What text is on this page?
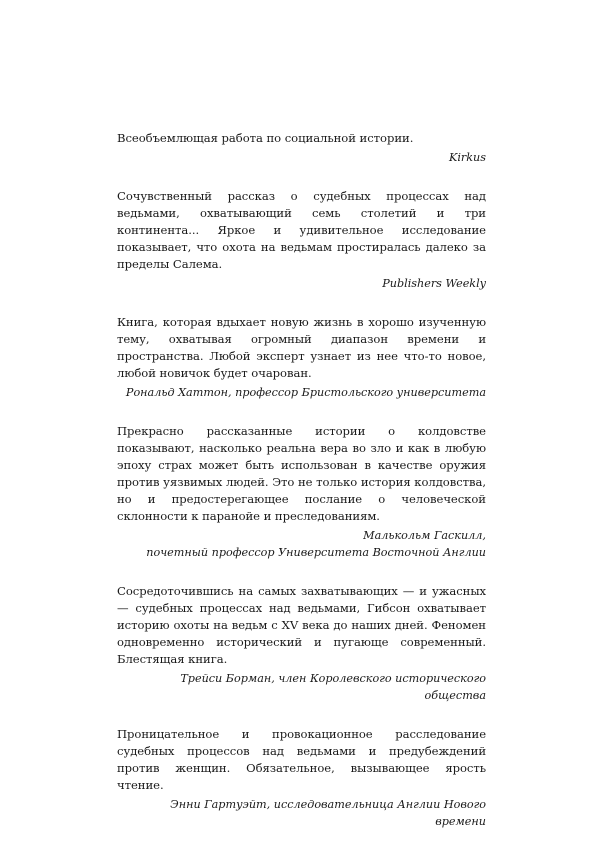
Всеобъемлющая работа по социальной истории.

Kirkus

Сочувственный рассказ о судебных процессах над ведьмами, охватывающий семь столетий и три континента... Яркое и удивительное исследование показывает, что охота на ведьмам простиралась далеко за пределы Салема.

Publishers Weekly

Книга, которая вдыхает новую жизнь в хорошо изученную тему, охватывая огромный диапазон времени и пространства. Любой эксперт узнает из нее что-то новое, любой новичок будет очарован.

Рональд Хаттон, профессор Бристольского университета

Прекрасно рассказанные истории о колдовстве показывают, насколько реальна вера во зло и как в любую эпоху страх может быть использован в качестве оружия против уязвимых людей. Это не только история колдовства, но и предостерегающее послание о человеческой склонности к паранойе и преследованиям.

Малькольм Гаскилл,

почетный профессор Университета Восточной Англии

Сосредоточившись на самых захватывающих — и ужасных — судебных процессах над ведьмами, Гибсон охватывает историю охоты на ведьм с XV века до наших дней. Феномен одновременно исторический и пугающе современный. Блестящая книга.

Трейси Борман, член Королевского исторического общества

Проницательное и провокационное расследование судебных процессов над ведьмами и предубеждений против женщин. Обязательное, вызывающее ярость чтение.

Энни Гартуэйт, исследовательница Англии Нового времени
